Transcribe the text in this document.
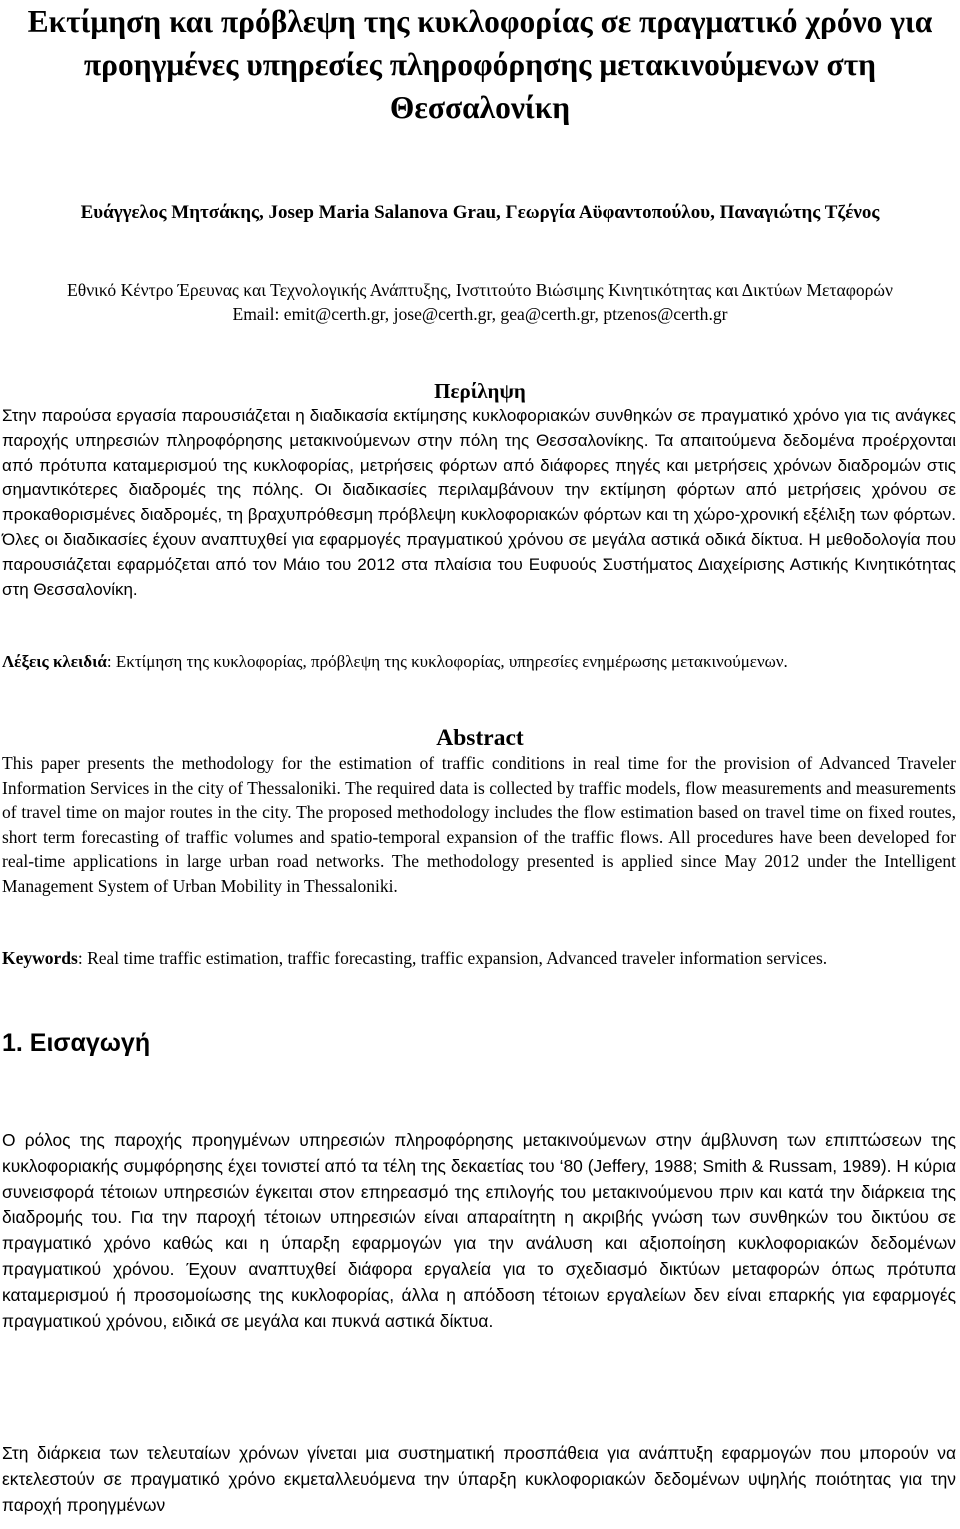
Εκτίμηση και πρόβλεψη της κυκλοφορίας σε πραγματικό χρόνο για προηγμένες υπηρεσίες πληροφόρησης μετακινούμενων στη Θεσσαλονίκη
Ευάγγελος Μητσάκης, Josep Maria Salanova Grau, Γεωργία Αϋφαντοπούλου, Παναγιώτης Τζένος

Εθνικό Κέντρο Έρευνας και Τεχνολογικής Ανάπτυξης, Ινστιτούτο Βιώσιμης Κινητικότητας και Δικτύων Μεταφορών

Email: emit@certh.gr, jose@certh.gr, gea@certh.gr, ptzenos@certh.gr

Περίληψη

Στην παρούσα εργασία παρουσιάζεται η διαδικασία εκτίμησης κυκλοφοριακών συνθηκών σε πραγματικό χρόνο για τις ανάγκες παροχής υπηρεσιών πληροφόρησης μετακινούμενων στην πόλη της Θεσσαλονίκης. Τα απαιτούμενα δεδομένα προέρχονται από πρότυπα καταμερισμού της κυκλοφορίας, μετρήσεις φόρτων από διάφορες πηγές και μετρήσεις χρόνων διαδρομών στις σημαντικότερες διαδρομές της πόλης. Οι διαδικασίες περιλαμβάνουν την εκτίμηση φόρτων από μετρήσεις χρόνου σε προκαθορισμένες διαδρομές, τη βραχυπρόθεσμη πρόβλεψη κυκλοφοριακών φόρτων και τη χώρο-χρονική εξέλιξη των φόρτων. Όλες οι διαδικασίες έχουν αναπτυχθεί για εφαρμογές πραγματικού χρόνου σε μεγάλα αστικά οδικά δίκτυα. Η μεθοδολογία που παρουσιάζεται εφαρμόζεται από τον Μάιο του 2012 στα πλαίσια του Ευφυούς Συστήματος Διαχείρισης Αστικής Κινητικότητας στη Θεσσαλονίκη.

Λέξεις κλειδιά: Εκτίμηση της κυκλοφορίας, πρόβλεψη της κυκλοφορίας, υπηρεσίες ενημέρωσης μετακινούμενων.

Abstract

This paper presents the methodology for the estimation of traffic conditions in real time for the provision of Advanced Traveler Information Services in the city of Thessaloniki. The required data is collected by traffic models, flow measurements and measurements of travel time on major routes in the city. The proposed methodology includes the flow estimation based on travel time on fixed routes, short term forecasting of traffic volumes and spatio-temporal expansion of the traffic flows. All procedures have been developed for real-time applications in large urban road networks. The methodology presented is applied since May 2012 under the Intelligent Management System of Urban Mobility in Thessaloniki.

Keywords: Real time traffic estimation, traffic forecasting, traffic expansion, Advanced traveler information services.

1. Εισαγωγή

Ο ρόλος της παροχής προηγμένων υπηρεσιών πληροφόρησης μετακινούμενων στην άμβλυνση των επιπτώσεων της κυκλοφοριακής συμφόρησης έχει τονιστεί από τα τέλη της δεκαετίας του ‘80 (Jeffery, 1988; Smith & Russam, 1989). Η κύρια συνεισφορά τέτοιων υπηρεσιών έγκειται στον επηρεασμό της επιλογής του μετακινούμενου πριν και κατά την διάρκεια της διαδρομής του. Για την παροχή τέτοιων υπηρεσιών είναι απαραίτητη η ακριβής γνώση των συνθηκών του δικτύου σε πραγματικό χρόνο καθώς και η ύπαρξη εφαρμογών για την ανάλυση και αξιοποίηση κυκλοφοριακών δεδομένων πραγματικού χρόνου. Έχουν αναπτυχθεί διάφορα εργαλεία για το σχεδιασμό δικτύων μεταφορών όπως πρότυπα καταμερισμού ή προσομοίωσης της κυκλοφορίας, άλλα η απόδοση τέτοιων εργαλείων δεν είναι επαρκής για εφαρμογές πραγματικού χρόνου, ειδικά σε μεγάλα και πυκνά αστικά δίκτυα.

Στη διάρκεια των τελευταίων χρόνων γίνεται μια συστηματική προσπάθεια για ανάπτυξη εφαρμογών που μπορούν να εκτελεστούν σε πραγματικό χρόνο εκμεταλλευόμενα την ύπαρξη κυκλοφοριακών δεδομένων υψηλής ποιότητας για την παροχή προηγμένων
